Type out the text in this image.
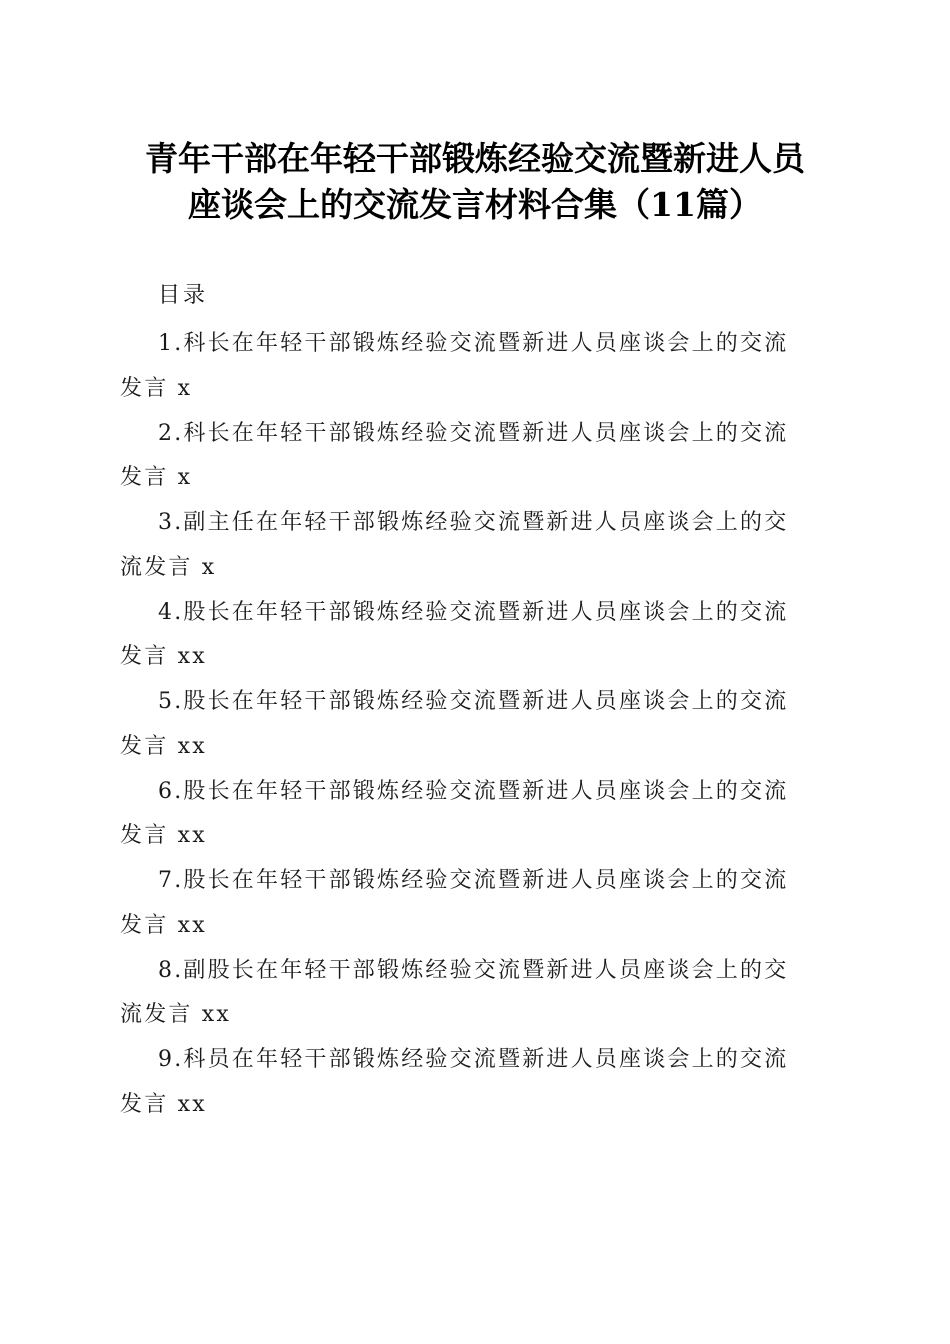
青年干部在年轻干部锻炼经验交流暨新进人员
座谈会上的交流发言材料合集（11篇）
目录
1.科长在年轻干部锻炼经验交流暨新进人员座谈会上的交流
发言 x
2.科长在年轻干部锻炼经验交流暨新进人员座谈会上的交流
发言 x
3.副主任在年轻干部锻炼经验交流暨新进人员座谈会上的交
流发言 x
4.股长在年轻干部锻炼经验交流暨新进人员座谈会上的交流
发言 xx
5.股长在年轻干部锻炼经验交流暨新进人员座谈会上的交流
发言 xx
6.股长在年轻干部锻炼经验交流暨新进人员座谈会上的交流
发言 xx
7.股长在年轻干部锻炼经验交流暨新进人员座谈会上的交流
发言 xx
8.副股长在年轻干部锻炼经验交流暨新进人员座谈会上的交
流发言 xx
9.科员在年轻干部锻炼经验交流暨新进人员座谈会上的交流
发言 xx
